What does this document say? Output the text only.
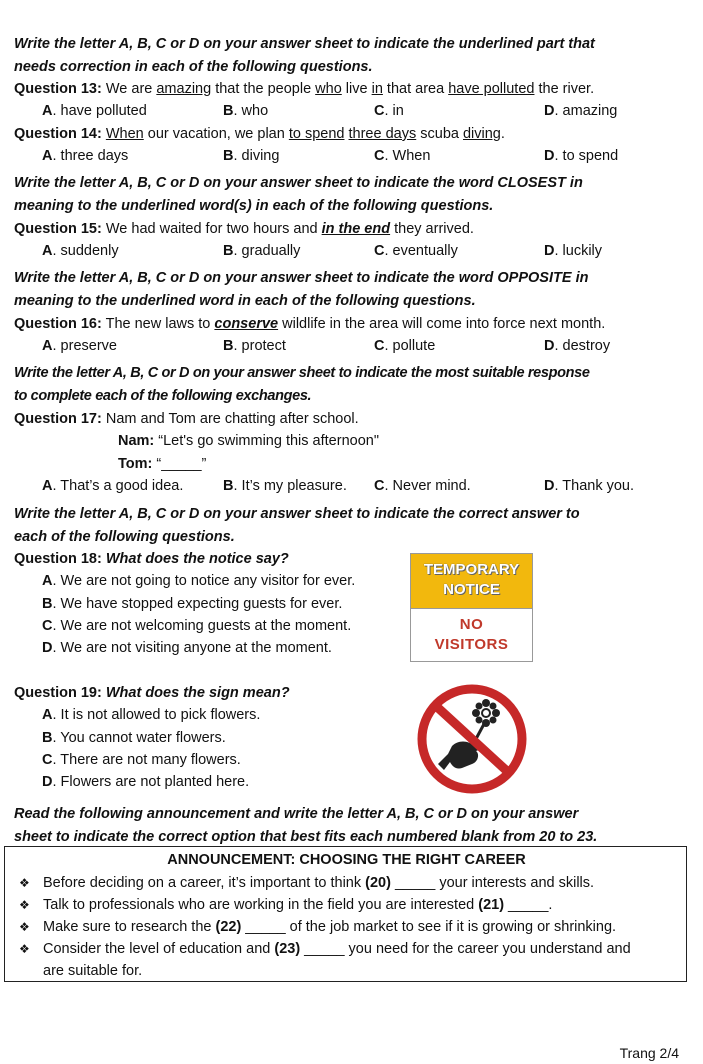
Write the letter A, B, C or D on your answer sheet to indicate the underlined part that
needs correction in each of the following questions.
Question 13: We are amazing that the people who live in that area have polluted the river.
A. have polluted	B. who	C. in	D. amazing
Question 14: When our vacation, we plan to spend three days scuba diving.
A. three days	B. diving	C. When	D. to spend
Write the letter A, B, C or D on your answer sheet to indicate the word CLOSEST in
meaning to the underlined word(s) in each of the following questions.
Question 15: We had waited for two hours and in the end they arrived.
A. suddenly	B. gradually	C. eventually	D. luckily
Write the letter A, B, C or D on your answer sheet to indicate the word OPPOSITE in
meaning to the underlined word in each of the following questions.
Question 16: The new laws to conserve wildlife in the area will come into force next month.
A. preserve	B. protect	C. pollute	D. destroy
Write the letter A, B, C or D on your answer sheet to indicate the most suitable response
to complete each of the following exchanges.
Question 17: Nam and Tom are chatting after school.
Nam: “Let's go swimming this afternoon"
Tom: “_____”
A. That’s a good idea.	B. It’s my pleasure. C. Never mind.	D. Thank you.
Write the letter A, B, C or D on your answer sheet to indicate the correct answer to
each of the following questions.
Question 18: What does the notice say?
A. We are not going to notice any visitor for ever.
B. We have stopped expecting guests for ever.
C. We are not welcoming guests at the moment.
D. We are not visiting anyone at the moment.
TEMPORARY
NOTICE
NO
VISITORS
Question 19: What does the sign mean?
A. It is not allowed to pick flowers.
B. You cannot water flowers.
C. There are not many flowers.
D. Flowers are not planted here.
Read the following announcement and write the letter A, B, C or D on your answer
sheet to indicate the correct option that best fits each numbered blank from 20 to 23.
ANNOUNCEMENT: CHOOSING THE RIGHT CAREER
❖ Before deciding on a career, it’s important to think (20) _____ your interests and skills.
❖ Talk to professionals who are working in the field you are interested (21) _____.
❖ Make sure to research the (22) _____ of the job market to see if it is growing or shrinking.
❖ Consider the level of education and (23) _____ you need for the career you understand and
are suitable for.
Trang 2/4
